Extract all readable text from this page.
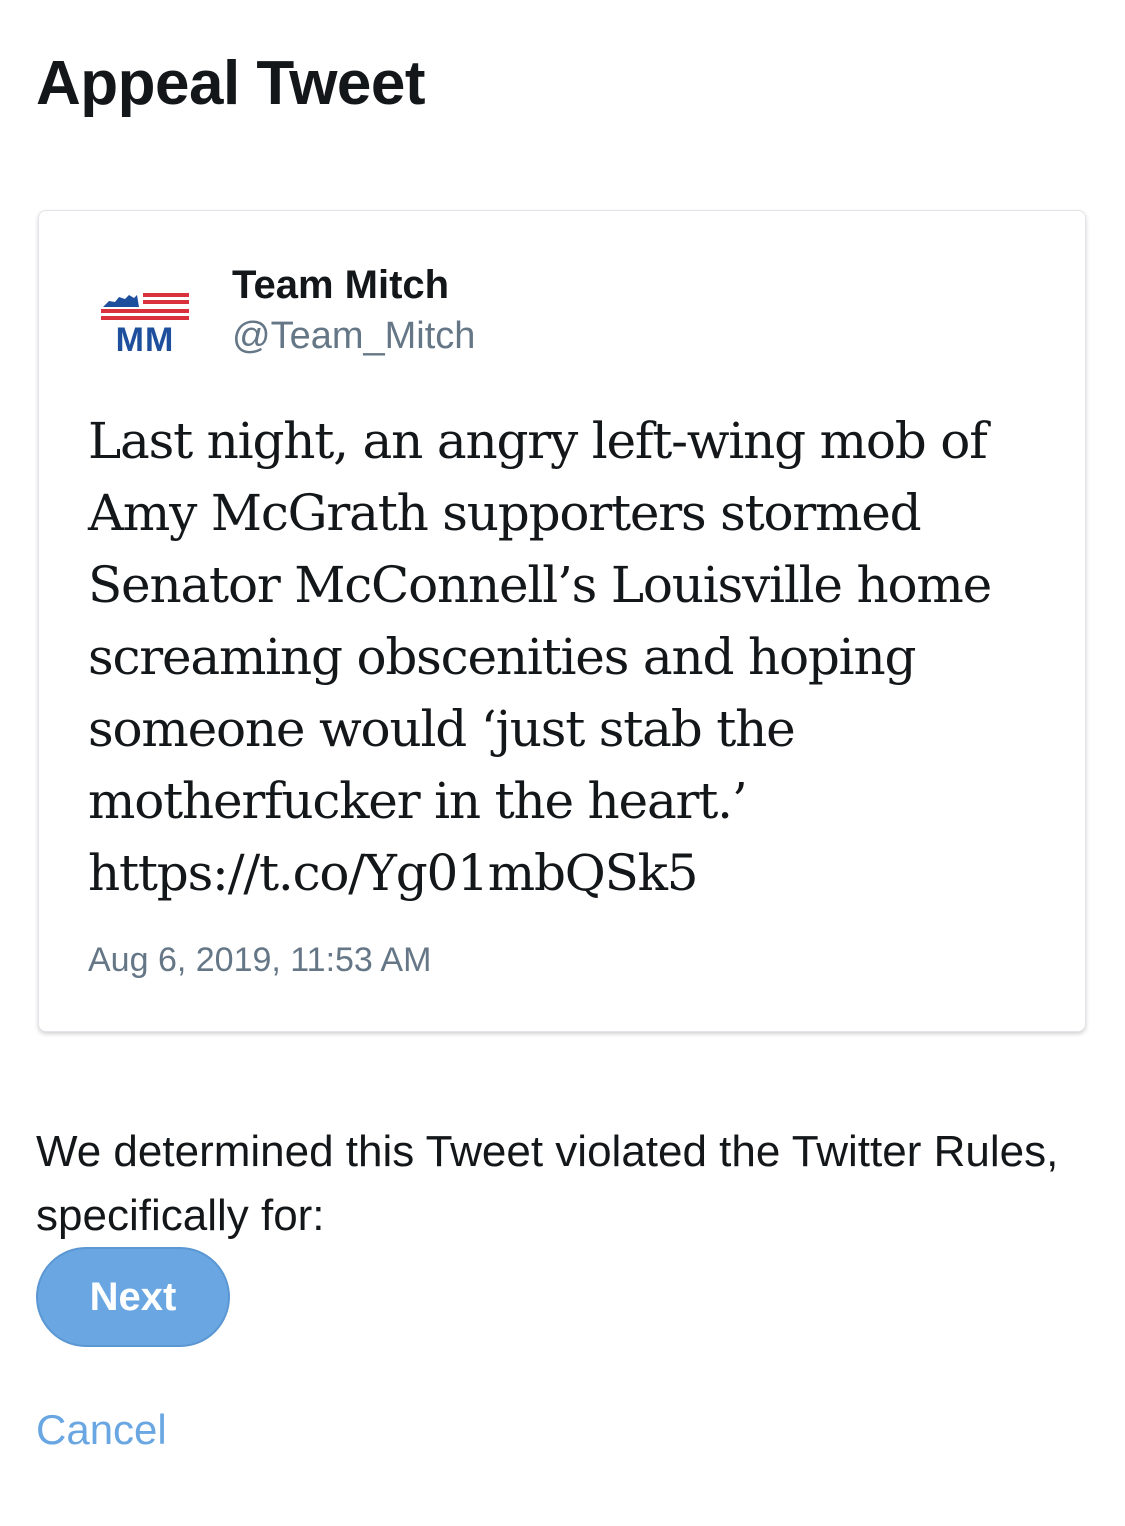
Appeal Tweet
MM
Team Mitch
@Team_Mitch

Last night, an angry left-wing mob of
Amy McGrath supporters stormed
Senator McConnell’s Louisville home
screaming obscenities and hoping
someone would ‘just stab the
motherfucker in the heart.’
https://t.co/Yg01mbQSk5

Aug 6, 2019, 11:53 AM

We determined this Tweet violated the Twitter Rules, specifically for:

Next
Cancel
